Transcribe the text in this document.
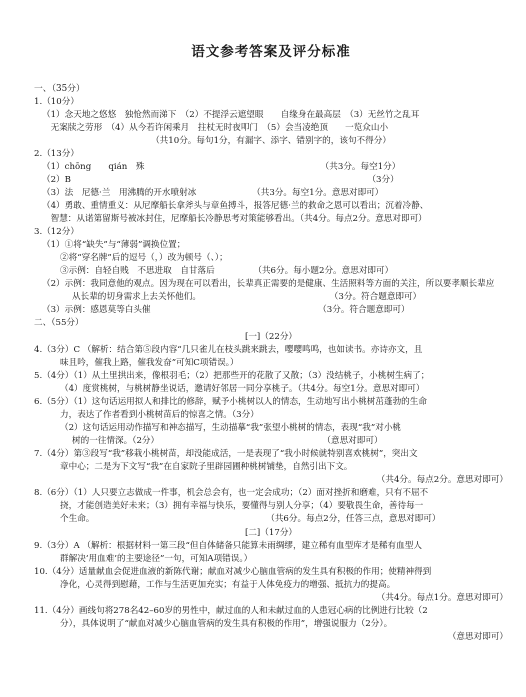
语文参考答案及评分标准
一、（35分）
1.（10分）
（1）念天地之悠悠　独怆然而涕下　（2）不提浮云遮望眼　　自缘身在最高层　（3）无丝竹之乱耳
　无案牍之劳形　（4）从今若许闲乘月　拄杖无时夜叩门　（5）会当凌绝顶　　一览众山小
（共10分。每句1分，有漏字、添字、错别字的，该句不得分）
2.（13分）
（1）chōng　　qián　殊　　　　　　　　　　　　　　　　　　　　　（共3分。每空1分）
（2）B　　　　　　　　　　　　　　　　　　　　　　　　　　　　　　　　　　　（3分）
（3）法　尼德·兰　用沸腾的开水喷射冰　　　　　　　（共3分。每空1分。意思对即可）
（4）勇敢、重情重义：从尼摩船长拿斧头与章鱼搏斗，报答尼德·兰的救命之恩可以看出；沉着冷静、
　智慧：从诺第留斯号被冰封住，尼摩船长冷静思考对策能够看出。（共4分。每点2分。意思对即可）
3.（12分）
（1）①将“缺失”与“薄弱”调换位置；
②将“穿名牌”后的逗号（，）改为顿号（、）；
③示例：自轻自贱　不思进取　自甘落后　　　　　（共6分。每小题2分。意思对即可）
（2）示例：我同意他的观点。因为现在可以看出，长辈真正需要的是健康、生活照料等方面的关注，所以要孝顺长辈应
从长辈的切身需求上去关怀他们。　　　　　　　　　　　　　　　　（3分。符合题意即可）
（3）示例：感恩莫等白头催　　　　　　　　　　　　　　　　　　　　（3分。符合题意即可）
二、（55分）
[一]（22分）
4.（3分）C （解析：结合第⑤段内容“几只雀儿在枝头跳来跳去，嘤嘤鸣鸣，也如读书。亦诗亦文，且
味且吟，催我上路，催我发奋”可知C项错误。）
5.（4分）（1）从土里拱出来，像根羽毛；（2）把那些开的花散了又散；（3）没结桃子，小桃树生病了；
（4）度赏桃树，与桃树静坐说话，邀请好邻居一同分享桃子。（共4分。每空1分。意思对即可）
6.（5分）（1）这句话运用拟人和排比的修辞，赋予小桃树以人的情态，生动地写出小桃树茁蓬勃的生命
力，表达了作者看到小桃树苗后的惊喜之情。（3分）
（2）这句话运用动作描写和神态描写，生动描摹“我”张望小桃树的情态，表现“我”对小桃
树的一往情深。（2分）　　　　　　　　　　　　　　　　　　　　（意思对即可）
7.（4分）第③段写“我”移栽小桃树苗，却没能成活，一是表现了“我小时候就特别喜欢桃树”，突出文
章中心；二是为下文写“我”在自家院子里辟园圃种桃树铺垫，自然引出下文。
（共4分。每点2分。意思对即可）
8.（6分）（1）人只要立志做成一件事，机会总会有，也一定会成功；（2）面对挫折和磨难，只有不屈不
挠，才能创造美好未来；（3）拥有幸福与快乐，要懂得与别人分享；（4）要敬畏生命，善待每一
个生命。　　　　　　　　　　　　　　　　　　　　　（共6分。每点2分，任答三点，意思对即可）
[二]（17分）
9.（3分）A （解析：根据材料一第三段“但自体储备只能算未雨绸缪，建立稀有血型库才是稀有血型人
群解决‘用血难’的主要途径”一句，可知A项错误。）
10.（4分）适量献血会促进血液的新陈代谢；献血对减少心脑血管病的发生具有积极的作用；使精神得到
净化，心灵得到慰藉，工作与生活更加充实；有益于人体免疫力的增强、抵抗力的提高。
（共4分。每点1分。意思对即可）
11.（4分）画线句将278名42–60岁的男性中，献过血的人和未献过血的人患冠心病的比例进行比较（2
分），具体说明了“献血对减少心脑血管病的发生具有积极的作用”，增强说服力（2分）。
（意思对即可）
